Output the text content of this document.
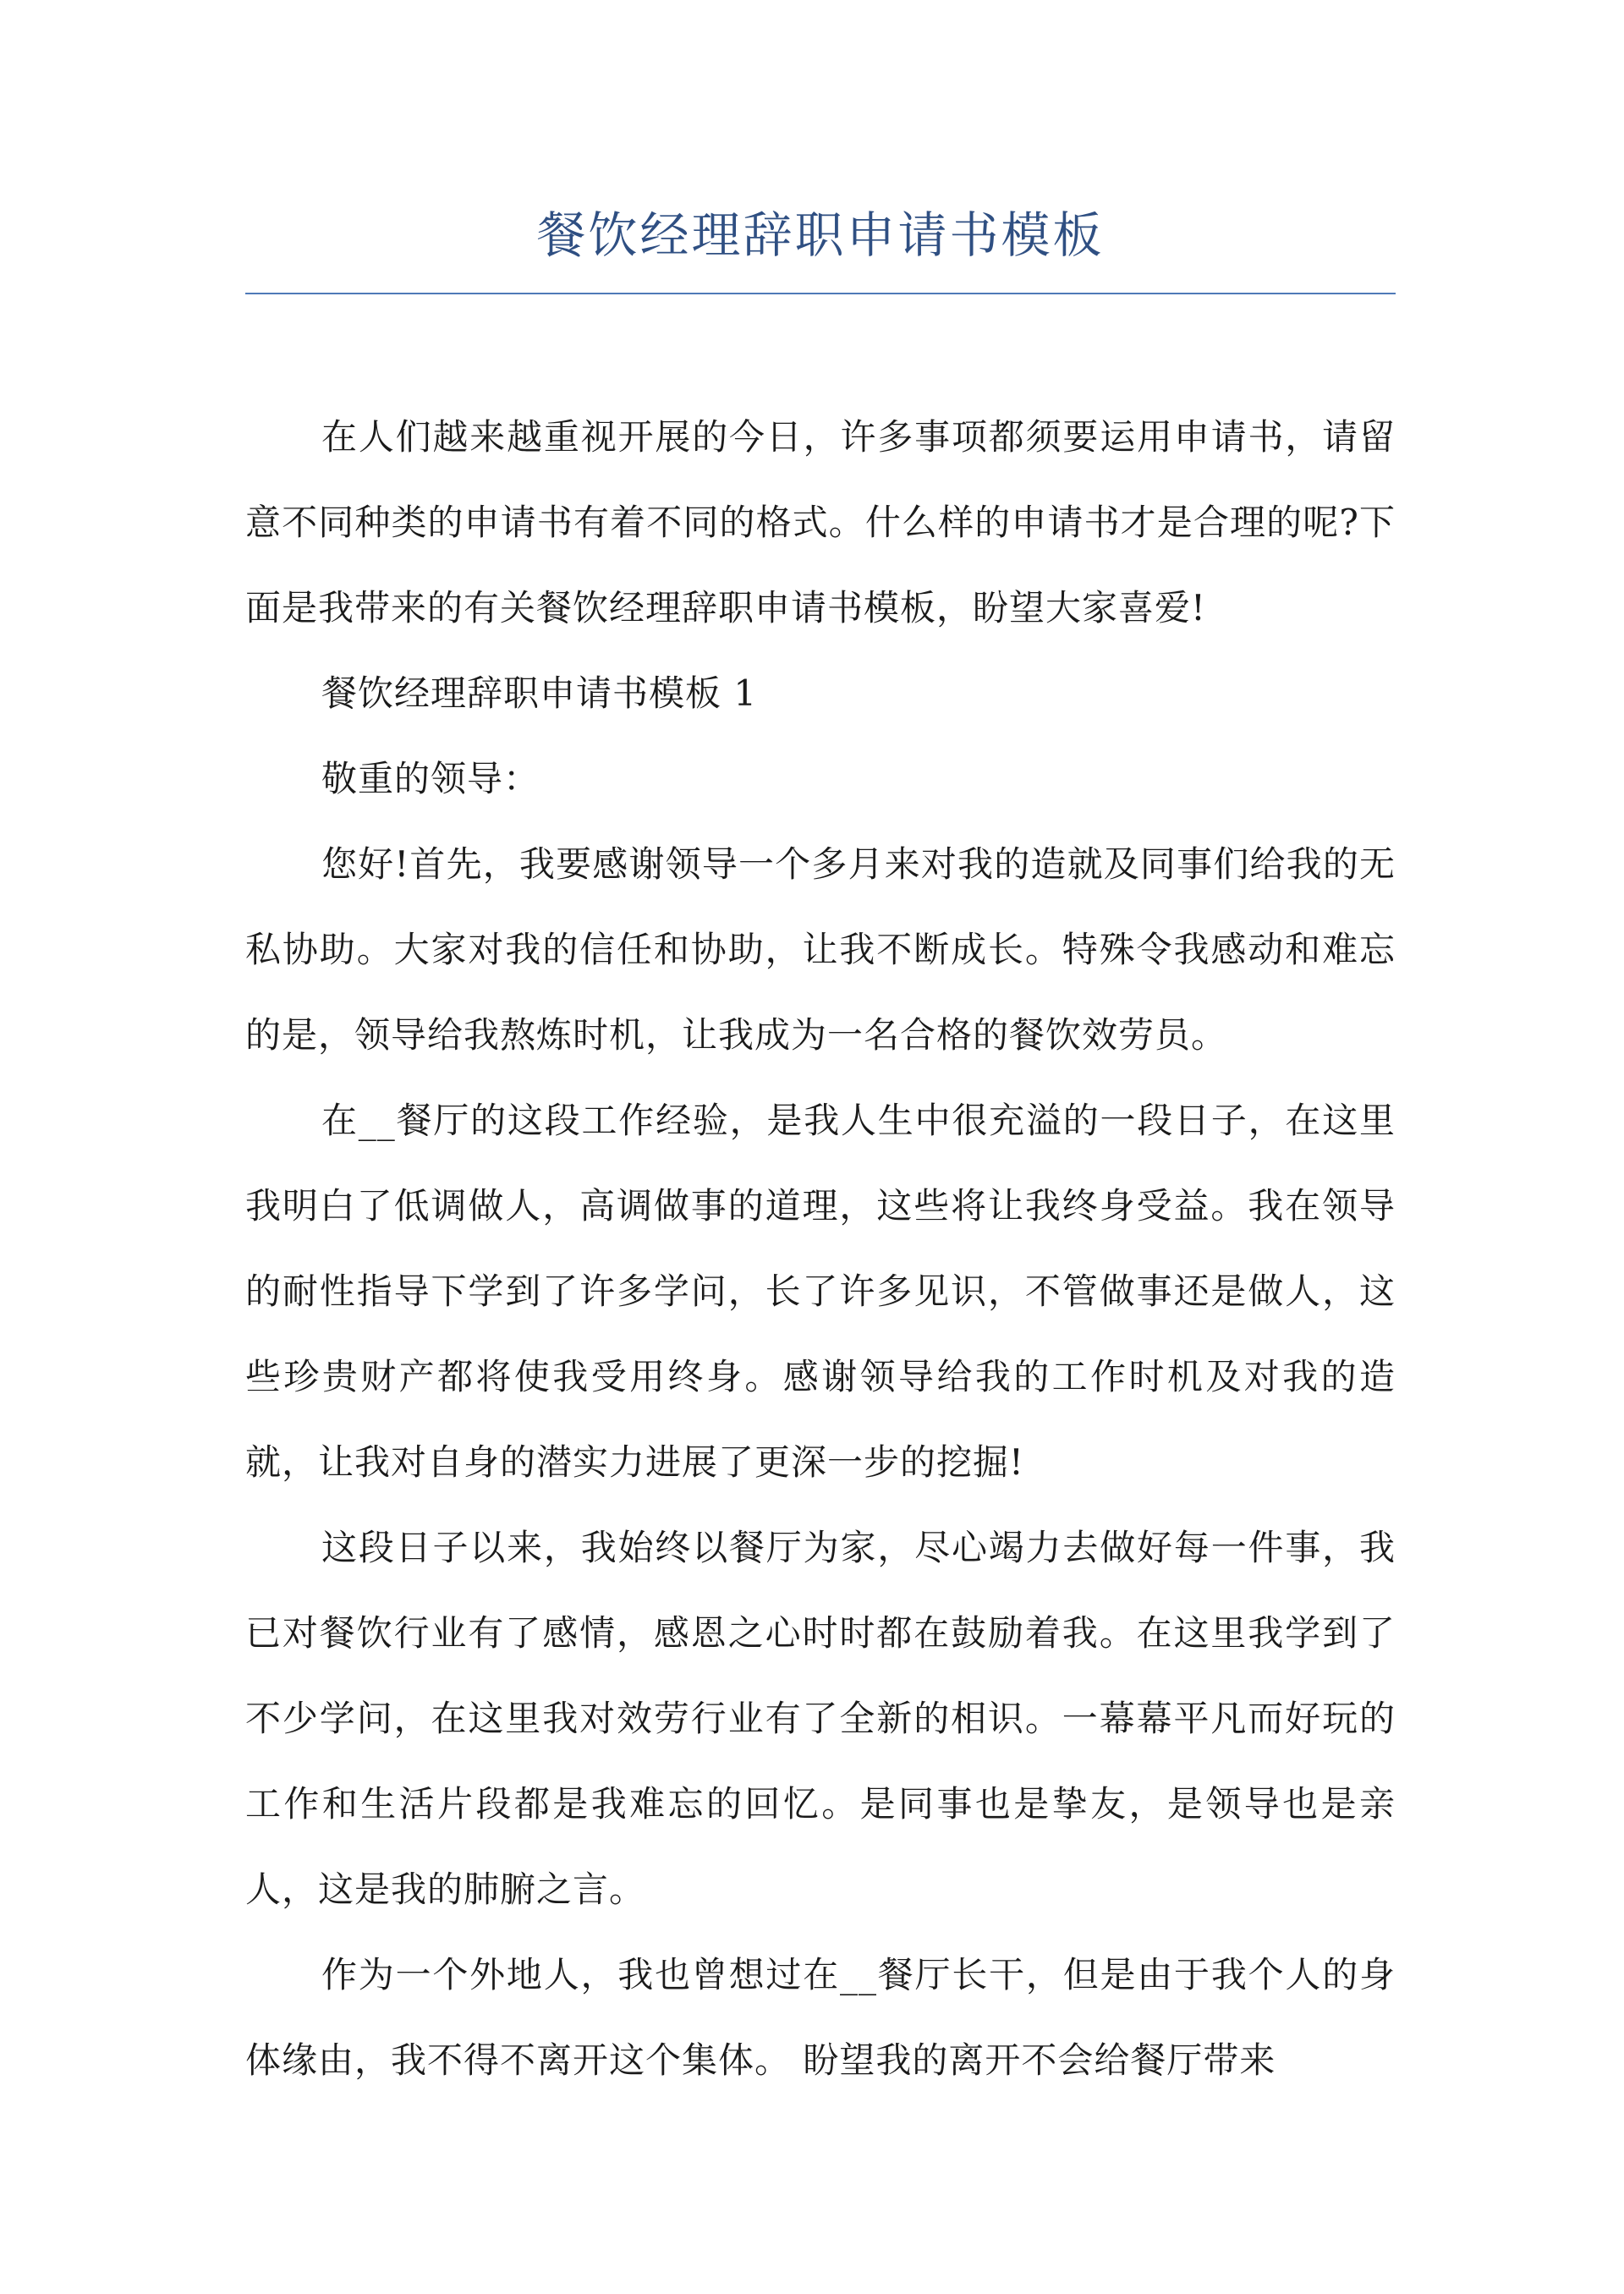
餐饮经理辞职申请书模板

在人们越来越重视开展的今日，许多事项都须要运用申请书，请留意不同种类的申请书有着不同的格式。什么样的申请书才是合理的呢?下面是我带来的有关餐饮经理辞职申请书模板，盼望大家喜爱!

餐饮经理辞职申请书模板 1

敬重的领导：

您好!首先，我要感谢领导一个多月来对我的造就及同事们给我的无私协助。大家对我的信任和协助，让我不断成长。特殊令我感动和难忘的是，领导给我熬炼时机，让我成为一名合格的餐饮效劳员。

在__餐厅的这段工作经验，是我人生中很充溢的一段日子，在这里我明白了低调做人，高调做事的道理，这些将让我终身受益。我在领导的耐性指导下学到了许多学问，长了许多见识，不管做事还是做人，这些珍贵财产都将使我受用终身。感谢领导给我的工作时机及对我的造就，让我对自身的潜实力进展了更深一步的挖掘!

这段日子以来，我始终以餐厅为家，尽心竭力去做好每一件事，我已对餐饮行业有了感情，感恩之心时时都在鼓励着我。在这里我学到了不少学问，在这里我对效劳行业有了全新的相识。一幕幕平凡而好玩的工作和生活片段都是我难忘的回忆。是同事也是挚友，是领导也是亲人，这是我的肺腑之言。

作为一个外地人，我也曾想过在__餐厅长干，但是由于我个人的身体缘由，我不得不离开这个集体。 盼望我的离开不会给餐厅带来
